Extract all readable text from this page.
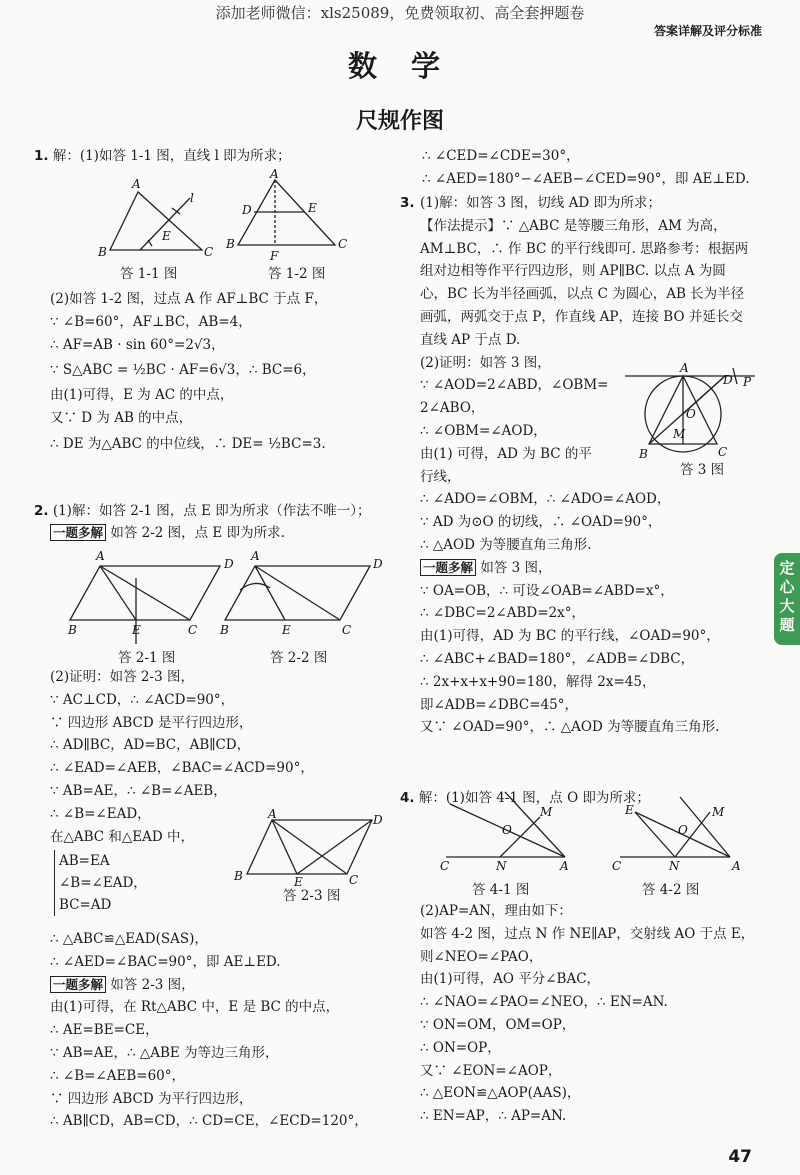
添加老师微信：xls25089，免费领取初、高全套押题卷
答案详解及评分标准
数 学
尺规作图
1. 解：(1)如答 1-1 图，直线 l 即为所求；
A
B	C
E
l
A
D	E
B	C
F
答 1-1 图	答 1-2 图
(2)如答 1-2 图，过点 A 作 AF⊥BC 于点 F，
∵ ∠B=60°，AF⊥BC，AB=4，
∴ AF=AB · sin 60°=2√3，
∵ S△ABC = ½BC · AF=6√3，∴ BC=6，
由(1)可得，E 为 AC 的中点，
又∵ D 为 AB 的中点，
∴ DE 为△ABC 的中位线，∴ DE= ½BC=3.
2. (1)解：如答 2-1 图，点 E 即为所求（作法不唯一）；
一题多解 如答 2-2 图，点 E 即为所求.
A
D
B	C
E
A
D
B	C
E
答 2-1 图	答 2-2 图
(2)证明：如答 2-3 图，
∵ AC⊥CD，∴ ∠ACD=90°，
∵ 四边形 ABCD 是平行四边形，
∴ AD∥BC，AD=BC，AB∥CD，
∴ ∠EAD=∠AEB，∠BAC=∠ACD=90°，
∵ AB=AE，∴ ∠B=∠AEB，
∴ ∠B=∠EAD，
在△ABC 和△EAD 中，
AB=EA
∠B=∠EAD，
BC=AD
A	D
B	C
E
答 2-3 图
∴ △ABC≌△EAD(SAS)，
∴ ∠AED=∠BAC=90°，即 AE⊥ED.
一题多解 如答 2-3 图，
由(1)可得，在 Rt△ABC 中，E 是 BC 的中点，
∴ AE=BE=CE，
∵ AB=AE，∴ △ABE 为等边三角形，
∴ ∠B=∠AEB=60°，
∵ 四边形 ABCD 为平行四边形，
∴ AB∥CD，AB=CD，∴ CD=CE，∠ECD=120°，
∴ ∠CED=∠CDE=30°，
∴ ∠AED=180°−∠AEB−∠CED=90°，即 AE⊥ED.
3. (1)解：如答 3 图，切线 AD 即为所求；
【作法提示】∵ △ABC 是等腰三角形，AM 为高，
AM⊥BC，∴ 作 BC 的平行线即可. 思路参考：根据两
组对边相等作平行四边形，则 AP∥BC. 以点 A 为圆
心，BC 长为半径画弧，以点 C 为圆心，AB 长为半径
画弧，两弧交于点 P，作直线 AP，连接 BO 并延长交
直线 AP 于点 D.
(2)证明：如答 3 图，
∵ ∠AOD=2∠ABD，∠OBM=
2∠ABO，
∴ ∠OBM=∠AOD，
由(1) 可得，AD 为 BC 的平
行线，
∴ ∠ADO=∠OBM，∴ ∠ADO=∠AOD，
∵ AD 为⊙O 的切线，∴ ∠OAD=90°，
∴ △AOD 为等腰直角三角形.
一题多解 如答 3 图，
∵ OA=OB，∴ 可设∠OAB=∠ABD=x°，
∴ ∠DBC=2∠ABD=2x°，
由(1)可得，AD 为 BC 的平行线，∠OAD=90°，
∴ ∠ABC+∠BAD=180°，∠ADB=∠DBC，
∴ 2x+x+x+90=180，解得 2x=45，
即∠ADB=∠DBC=45°，
又∵ ∠OAD=90°，∴ △AOD 为等腰直角三角形.
A
D P
O
M
B	C
答 3 图
4. 解：(1)如答 4-1 图，点 O 即为所求；
C	N	A
O
M
C	N	A
O
E	M
答 4-1 图	答 4-2 图
(2)AP=AN，理由如下：
如答 4-2 图，过点 N 作 NE∥AP，交射线 AO 于点 E，
则∠NEO=∠PAO，
由(1)可得，AO 平分∠BAC，
∴ ∠NAO=∠PAO=∠NEO，∴ EN=AN.
∵ ON=OM，OM=OP，
∴ ON=OP，
又∵ ∠EON=∠AOP，
∴ △EON≌△AOP(AAS)，
∴ EN=AP，∴ AP=AN.
定
心
大
题
47
